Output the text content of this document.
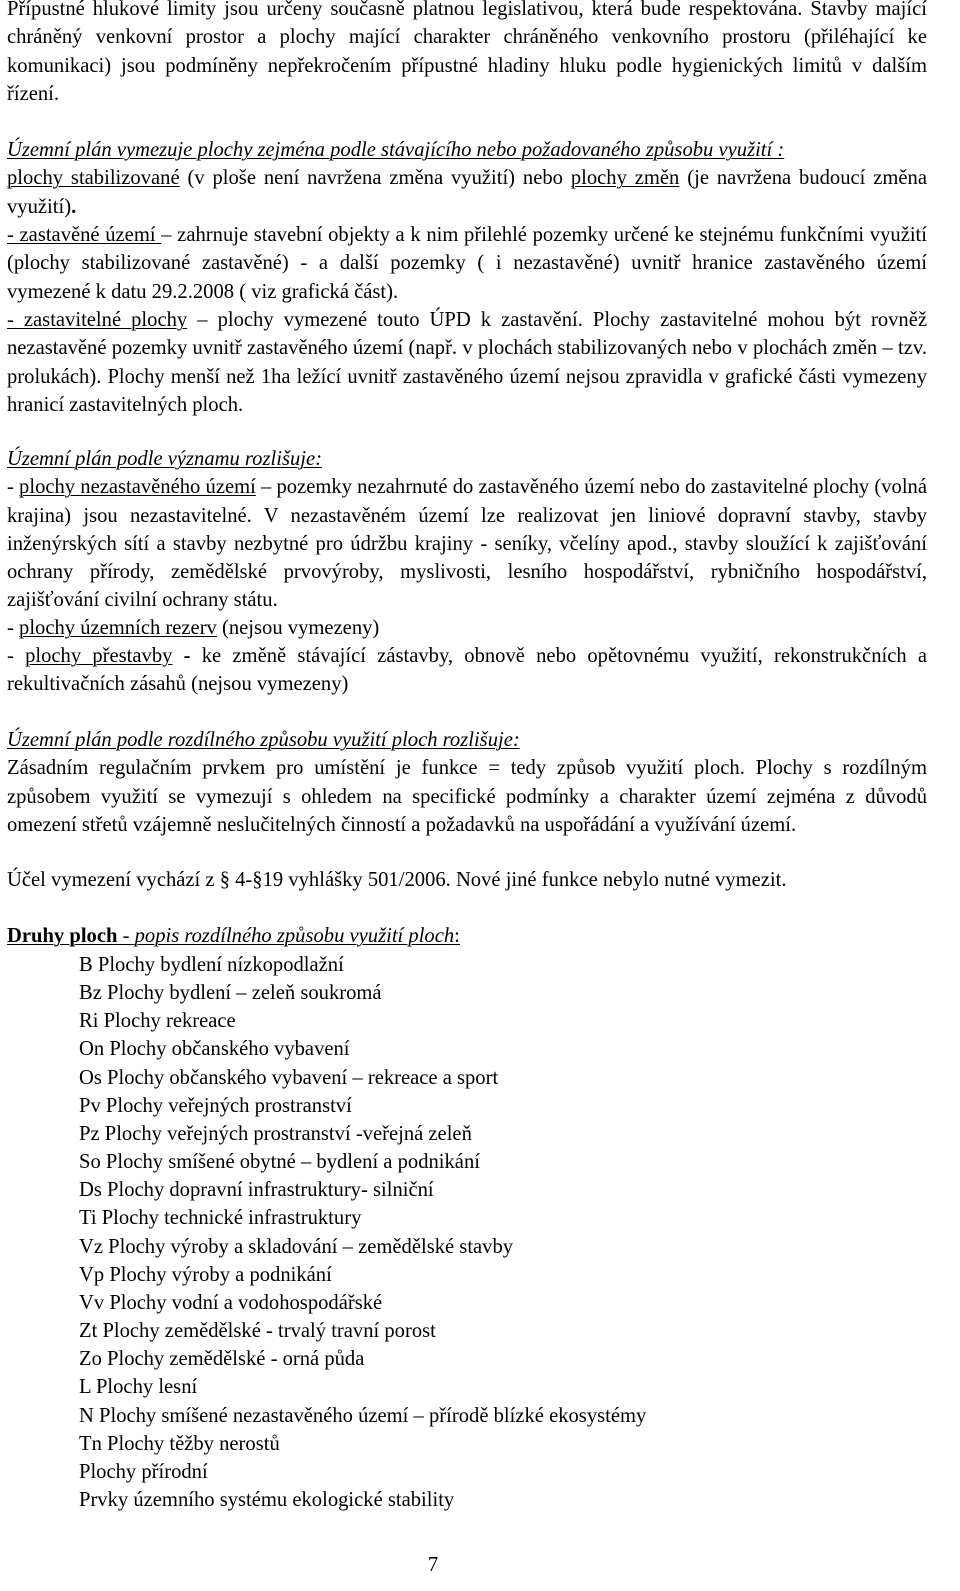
Přípustné hlukové limity jsou určeny současně platnou legislativou, která bude respektována. Stavby mající chráněný venkovní prostor a plochy mající charakter chráněného venkovního prostoru (přiléhající ke komunikaci) jsou podmíněny nepřekročením přípustné hladiny hluku podle hygienických limitů v dalším řízení.
Územní plán vymezuje plochy zejména podle stávajícího nebo požadovaného způsobu využití :
plochy stabilizované (v ploše není navržena změna využití) nebo plochy změn (je navržena budoucí změna využití).
- zastavěné území – zahrnuje stavební objekty a k nim přilehlé pozemky určené ke stejnému funkčními využití (plochy stabilizované zastavěné) - a další pozemky ( i nezastavěné) uvnitř hranice zastavěného území vymezené k datu 29.2.2008 ( viz grafická část).
- zastavitelné plochy – plochy vymezené touto ÚPD k zastavění. Plochy zastavitelné mohou být rovněž nezastavěné pozemky uvnitř zastavěného území (např. v plochách stabilizovaných nebo v plochách změn – tzv. prolukách). Plochy menší než 1ha ležící uvnitř zastavěného území nejsou zpravidla v grafické části vymezeny hranicí zastavitelných ploch.
Územní plán podle významu rozlišuje:
- plochy nezastavěného území – pozemky nezahrnuté do zastavěného území nebo do zastavitelné plochy (volná krajina) jsou nezastavitelné. V nezastavěném území lze realizovat jen liniové dopravní stavby, stavby inženýrských sítí a stavby nezbytné pro údržbu krajiny - seníky, včelíny apod., stavby sloužící k zajišťování ochrany přírody, zemědělské prvovýroby, myslivosti, lesního hospodářství, rybničního hospodářství, zajišťování civilní ochrany státu.
- plochy územních rezerv (nejsou vymezeny)
- plochy přestavby - ke změně stávající zástavby, obnově nebo opětovnému využití, rekonstrukčních a rekultivačních zásahů (nejsou vymezeny)
Územní plán podle rozdílného způsobu využití ploch rozlišuje:
Zásadním regulačním prvkem pro umístění je funkce = tedy způsob využití ploch. Plochy s rozdílným způsobem využití se vymezují s ohledem na specifické podmínky a charakter území zejména z důvodů omezení střetů vzájemně neslučitelných činností a požadavků na uspořádání a využívání území.
Účel vymezení vychází z § 4-§19 vyhlášky 501/2006. Nové jiné funkce nebylo nutné vymezit.
Druhy ploch - popis rozdílného způsobu využití ploch:
B Plochy bydlení nízkopodlažní
Bz Plochy bydlení – zeleň soukromá
Ri Plochy rekreace
On Plochy občanského vybavení
Os Plochy občanského vybavení – rekreace a sport
Pv Plochy veřejných prostranství
Pz Plochy veřejných prostranství -veřejná zeleň
So Plochy smíšené obytné – bydlení a podnikání
Ds Plochy dopravní infrastruktury- silniční
Ti Plochy technické infrastruktury
Vz Plochy výroby a skladování – zemědělské stavby
Vp Plochy výroby a podnikání
Vv Plochy vodní a vodohospodářské
Zt Plochy zemědělské - trvalý travní porost
Zo Plochy zemědělské - orná půda
L Plochy lesní
N Plochy smíšené nezastavěného území – přírodě blízké ekosystémy
Tn Plochy těžby nerostů
Plochy přírodní
Prvky územního systému ekologické stability
7
